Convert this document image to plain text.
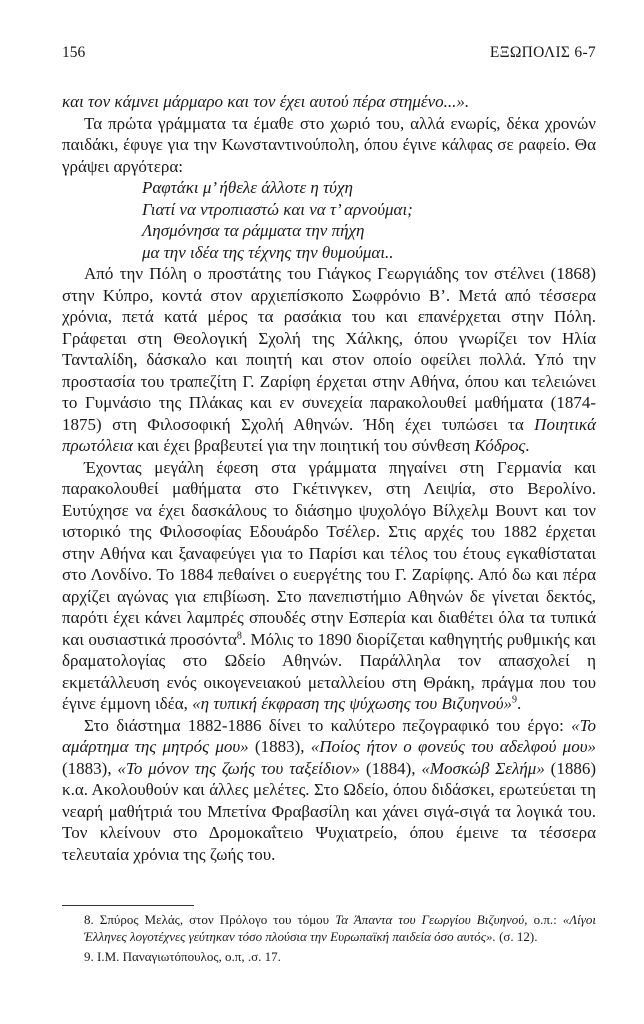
156	ΕΞΩΠΟΛΙΣ 6-7

και τον κάμνει μάρμαρο και τον έχει αυτού πέρα στημένο...».

Τα πρώτα γράμματα τα έμαθε στο χωριό του, αλλά ενωρίς, δέκα χρονών παιδάκι, έφυγε για την Κωνσταντινούπολη, όπου έγινε κάλφας σε ραφείο. Θα γράψει αργότερα:

Ραφτάκι μ’ ήθελε άλλοτε η τύχη
Γιατί να ντροπιαστώ και να τ’ αρνούμαι;
Λησμόνησα τα ράμματα την πήχη
μα την ιδέα της τέχνης την θυμούμαι..

Από την Πόλη ο προστάτης του Γιάγκος Γεωργιάδης τον στέλνει (1868) στην Κύπρο, κοντά στον αρχιεπίσκοπο Σωφρόνιο Β’. Μετά από τέσσερα χρόνια, πετά κατά μέρος τα ρασάκια του και επανέρχεται στην Πόλη. Γράφεται στη Θεολογική Σχολή της Χάλκης, όπου γνωρίζει τον Ηλία Τανταλίδη, δάσκαλο και ποιητή και στον οποίο οφείλει πολλά. Υπό την προστασία του τραπεζίτη Γ. Ζαρίφη έρχεται στην Αθήνα, όπου και τελειώνει το Γυμνάσιο της Πλάκας και εν συνεχεία παρακολουθεί μαθήματα (1874-1875) στη Φιλοσοφική Σχολή Αθηνών. Ήδη έχει τυπώσει τα Ποιητικά πρωτόλεια και έχει βραβευτεί για την ποιητική του σύνθεση Κόδρος.

Έχοντας μεγάλη έφεση στα γράμματα πηγαίνει στη Γερμανία και παρακολουθεί μαθήματα στο Γκέτινγκεν, στη Λειψία, στο Βερολίνο. Ευτύχησε να έχει δασκάλους το διάσημο ψυχολόγο Βίλχελμ Βουντ και τον ιστορικό της Φιλοσοφίας Εδουάρδο Τσέλερ. Στις αρχές του 1882 έρχεται στην Αθήνα και ξαναφεύγει για το Παρίσι και τέλος του έτους εγκαθίσταται στο Λονδίνο. Το 1884 πεθαίνει ο ευεργέτης του Γ. Ζαρίφης. Από δω και πέρα αρχίζει αγώνας για επιβίωση. Στο πανεπιστήμιο Αθηνών δε γίνεται δεκτός, παρότι έχει κάνει λαμπρές σπουδές στην Εσπερία και διαθέτει όλα τα τυπικά και ουσιαστικά προσόντα$^8$. Μόλις το 1890 διορίζεται καθηγητής ρυθμικής και δραματολογίας στο Ωδείο Αθηνών. Παράλληλα τον απασχολεί η εκμετάλλευση ενός οικογενειακού μεταλλείου στη Θράκη, πράγμα που του έγινε έμμονη ιδέα, «η τυπική έκφραση της ψύχωσης του Βιζυηνού»$^9$.

Στο διάστημα 1882-1886 δίνει το καλύτερο πεζογραφικό του έργο: «Το αμάρτημα της μητρός μου» (1883), «Ποίος ήτον ο φονεύς του αδελφού μου» (1883), «Το μόνον της ζωής του ταξείδιον» (1884), «Μοσκώβ Σελήμ» (1886) κ.α. Ακολουθούν και άλλες μελέτες. Στο Ωδείο, όπου διδάσκει, ερωτεύεται τη νεαρή μαθήτριά του Μπετίνα Φραβασίλη και χάνει σιγά-σιγά τα λογικά του. Τον κλείνουν στο Δρομοκαΐτειο Ψυχιατρείο, όπου έμεινε τα τέσσερα τελευταία χρόνια της ζωής του.

8. Σπύρος Μελάς, στον Πρόλογο του τόμου Τα Άπαντα του Γεωργίου Βιζυηνού, ο.π.: «Λίγοι Έλληνες λογοτέχνες γεύτηκαν τόσο πλούσια την Ευρωπαϊκή παιδεία όσο αυτός». (σ. 12).

9. Ι.Μ. Παναγιωτόπουλος, ο.π, .σ. 17.
